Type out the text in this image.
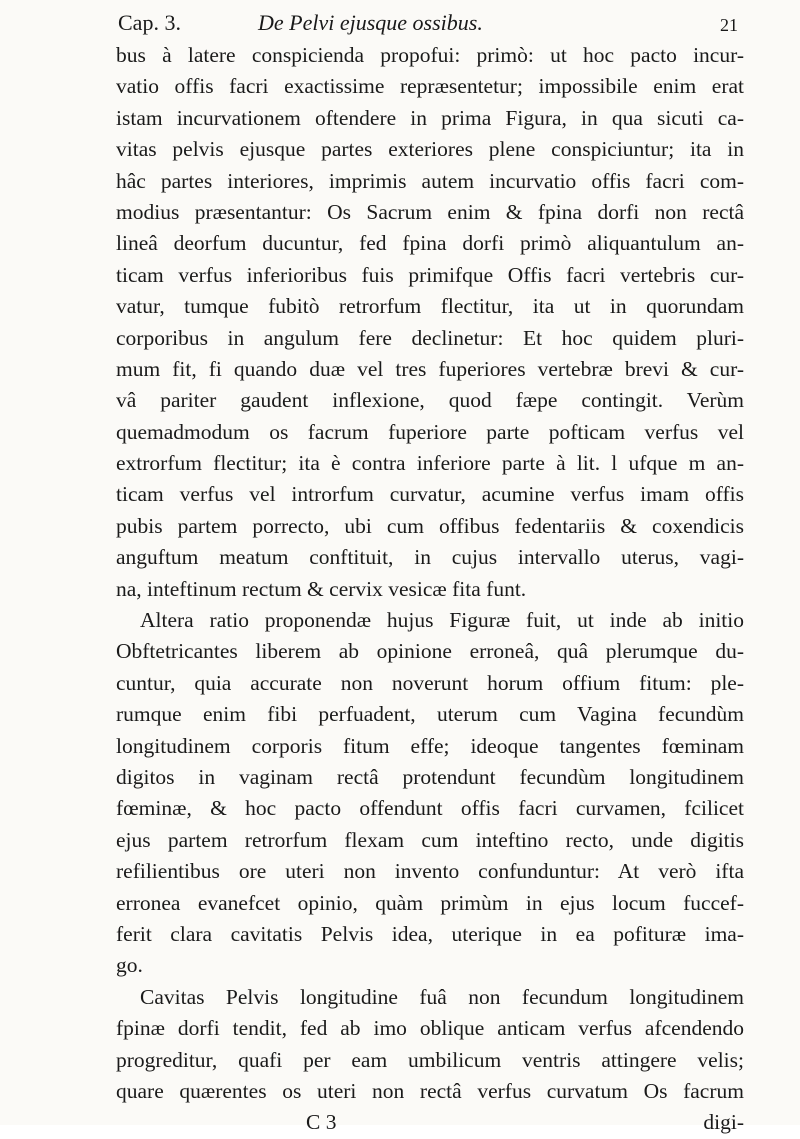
Cap. 3.	De Pelvi ejusque ossibus.	21
bus à latere conspicienda propofui: primò: ut hoc pacto incur-
vatio offis facri exactissime repræsentetur; impossibile enim erat
istam incurvationem oftendere in prima Figura, in qua sicuti ca-
vitas pelvis ejusque partes exteriores plene conspiciuntur; ita in
hâc partes interiores, imprimis autem incurvatio offis facri com-
modius præsentantur: Os Sacrum enim & fpina dorfi non rectâ
lineâ deorfum ducuntur, fed fpina dorfi primò aliquantulum an-
ticam verfus inferioribus fuis primifque Offis facri vertebris cur-
vatur, tumque fubitò retrorfum flectitur, ita ut in quorundam
corporibus in angulum fere declinetur: Et hoc quidem pluri-
mum fit, fi quando duæ vel tres fuperiores vertebræ brevi & cur-
vâ pariter gaudent inflexione, quod fæpe contingit. Verùm
quemadmodum os facrum fuperiore parte pofticam verfus vel
extrorfum flectitur; ita è contra inferiore parte à lit. l ufque m an-
ticam verfus vel introrfum curvatur, acumine verfus imam offis
pubis partem porrecto, ubi cum offibus fedentariis & coxendicis
anguftum meatum conftituit, in cujus intervallo uterus, vagi-
na, inteftinum rectum & cervix vesicæ fita funt.
Altera ratio proponendæ hujus Figuræ fuit, ut inde ab initio
Obftetricantes liberem ab opinione erroneâ, quâ plerumque du-
cuntur, quia accurate non noverunt horum offium fitum: ple-
rumque enim fibi perfuadent, uterum cum Vagina fecundùm
longitudinem corporis fitum effe; ideoque tangentes fœminam
digitos in vaginam rectâ protendunt fecundùm longitudinem
fœminæ, & hoc pacto offendunt offis facri curvamen, fcilicet
ejus partem retrorfum flexam cum inteftino recto, unde digitis
refilientibus ore uteri non invento confunduntur: At verò ifta
erronea evanefcet opinio, quàm primùm in ejus locum fuccef-
ferit clara cavitatis Pelvis idea, uterique in ea pofituræ ima-
go.
Cavitas Pelvis longitudine fuâ non fecundum longitudinem
fpinæ dorfi tendit, fed ab imo oblique anticam verfus afcendendo
progreditur, quafi per eam umbilicum ventris attingere velis;
quare quærentes os uteri non rectâ verfus curvatum Os facrum
C 3	digi-
